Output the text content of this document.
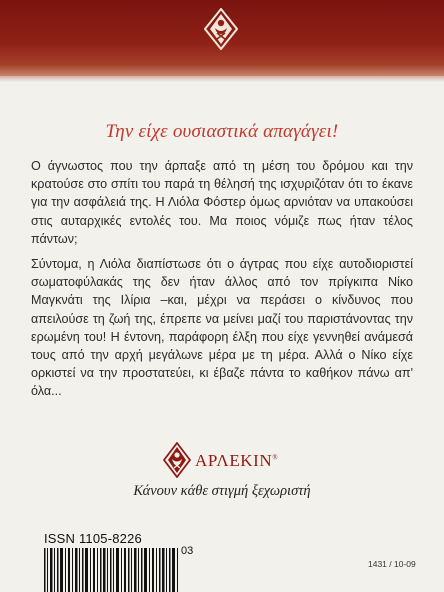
Την είχε ουσιαστικά απαγάγει!

Ο άγνωστος που την άρπαξε από τη μέση του δρόμου και την κρατούσε στο σπίτι του παρά τη θέλησή της ισχυριζόταν ότι το έκανε για την ασφάλειά της. Η Λιόλα Φόστερ όμως αρνιόταν να υπακούσει στις αυταρχικές εντολές του. Μα ποιος νόμιζε πως ήταν τέλος πάντων;

Σύντομα, η Λιόλα διαπίστωσε ότι ο άγτρας που είχε αυτοδιοριστεί σωματοφύλακάς της δεν ήταν άλλος από τον πρίγκιπα Νίκο Μαγκνάτι της Ιλίρια –και, μέχρι να περάσει ο κίνδυνος που απειλούσε τη ζωή της, έπρεπε να μείνει μαζί του παριστάνοντας την ερωμένη του! Η έντονη, παράφορη έλξη που είχε γεννηθεί ανάμεσά τους από την αρχή μεγάλωνε μέρα με τη μέρα. Αλλά ο Νίκο είχε ορκιστεί να την προστατεύει, κι έβαζε πάντα το καθήκον πάνω απ' όλα...

ΑΡΛΕΚΙΝ®
Κάνουν κάθε στιγμή ξεχωριστή
ISSN 1105-8226
03
1431 / 10-09
